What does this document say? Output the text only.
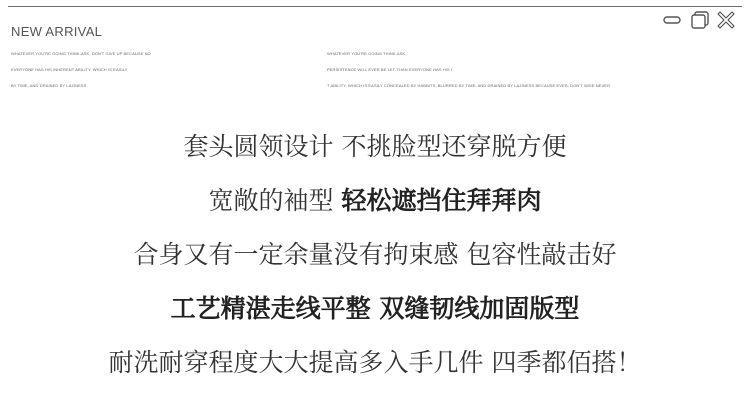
NEW ARRIVAL
WHATEVER YOU'RE GOING THINK-ASK, DON'T GIVE UP BECAUSE NO
EVERYONE HAS HIS INHERENT ABILITY, WHICH IS EASILY
BY TIME, AND DRAINED BY LAZINESS
WHATEVER YOU'RE GOING THINK-ASK,
PERSISTENCE WILL EVER BE LET-THAN EVERYONE HAS HIS I
T ABILITY, WHICH IS EASILY CONCEALED BY HABBITS, BLURRED BY TIME, AND DRAINED BY LAZINESS BECAUSE EVER, DON'T WISE NEVER
套头圆领设计 不挑脸型还穿脱方便
宽敞的袖型 轻松遮挡住拜拜肉
合身又有一定余量没有拘束感 包容性敲击好
工艺精湛走线平整 双缝韧线加固版型
耐洗耐穿程度大大提高多入手几件 四季都佰搭！
